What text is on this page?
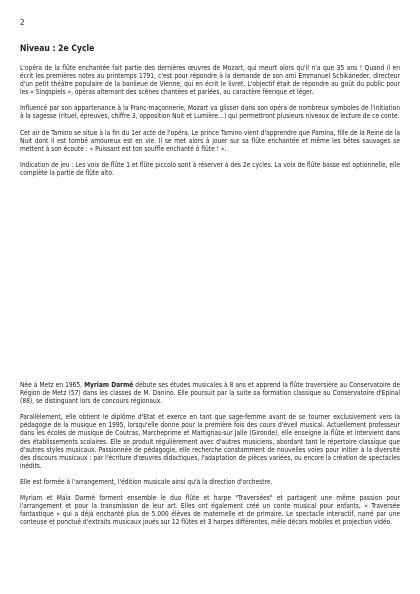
2
Niveau : 2e Cycle

L'opéra de la flûte enchantée fait partie des dernières œuvres de Mozart, qui meurt alors qu'il n'a que 35 ans ! Quand il en écrit les premières notes au printemps 1791, c'est pour répondre à la demande de son ami Emmanuel Schikaneder, directeur d'un petit théâtre populaire de la banlieue de Vienne, qui en écrit le livret. L'objectif était de répondre au goût du public pour les « Singspiels », opéras alternant des scènes chantées et parlées, au caractère féerique et léger.

Influencé par son appartenance à la Franc-maçonnerie, Mozart va glisser dans son opéra de nombreux symboles de l'initiation à la sagesse (rituel, épreuves, chiffre 3, opposition Nuit et Lumière…) qui permettront plusieurs niveaux de lecture de ce conte.

Cet air de Tamino se situe à la fin du 1er acte de l'opéra. Le prince Tamino vient d'apprendre que Pamina, fille de la Reine de la Nuit dont il est tombé amoureux est en vie. Il se met alors à jouer sur sa flûte enchantée et même les bêtes sauvages se mettent à son écoute : « Puissant est ton souffle enchanté ô flûte ! ».

Indication de jeu : Les voix de flûte 1 et flûte piccolo sont à réserver à des 2e cycles. La voix de flûte basse est optionnelle, elle complète la partie de flûte alto.

Née à Metz en 1965, Myriam Darmé débute ses études musicales à 8 ans et apprend la flûte traversière au Conservatoire de Région de Metz (57) dans les classes de M. Danino. Elle poursuit par la suite sa formation classique au Conservatoire d'Epinal (88), se distinguant lors de concours régionaux.

Parallèlement, elle obtient le diplôme d'Etat et exerce en tant que sage-femme avant de se tourner exclusivement vers la pédagogie de la musique en 1995, lorsqu'elle donne pour la première fois des cours d'éveil musical. Actuellement professeur dans les écoles de musique de Coutras, Marcheprime et Martignas-sur Jalle (Gironde), elle enseigne la flûte et intervient dans des établissements scolaires. Elle se produit régulièrement avec d'autres musiciens, abordant tant le répertoire classique que d'autres styles musicaux. Passionnée de pédagogie, elle recherche constamment de nouvelles voies pour initier à la diversité des discours musicaux : par l'écriture d'œuvres didactiques, l'adaptation de pièces variées, ou encore la création de spectacles inédits.

Elle est formée à l'arrangement, l'édition musicale ainsi qu'à la direction d'orchestre.

Myriam et Maïa Darmé forment ensemble le duo flûte et harpe "Traversées" et partagent une même passion pour l'arrangement et pour la transmission de leur art. Elles ont également créé un conte musical pour enfants, « Traversée fantastique » qui a déjà enchanté plus de 5.000 élèves de maternelle et de primaire. Le spectacle interactif, narré par une conteuse et ponctué d'extraits musicaux joués sur 12 flûtes et 3 harpes différentes, mêle décors mobiles et projection vidéo.
